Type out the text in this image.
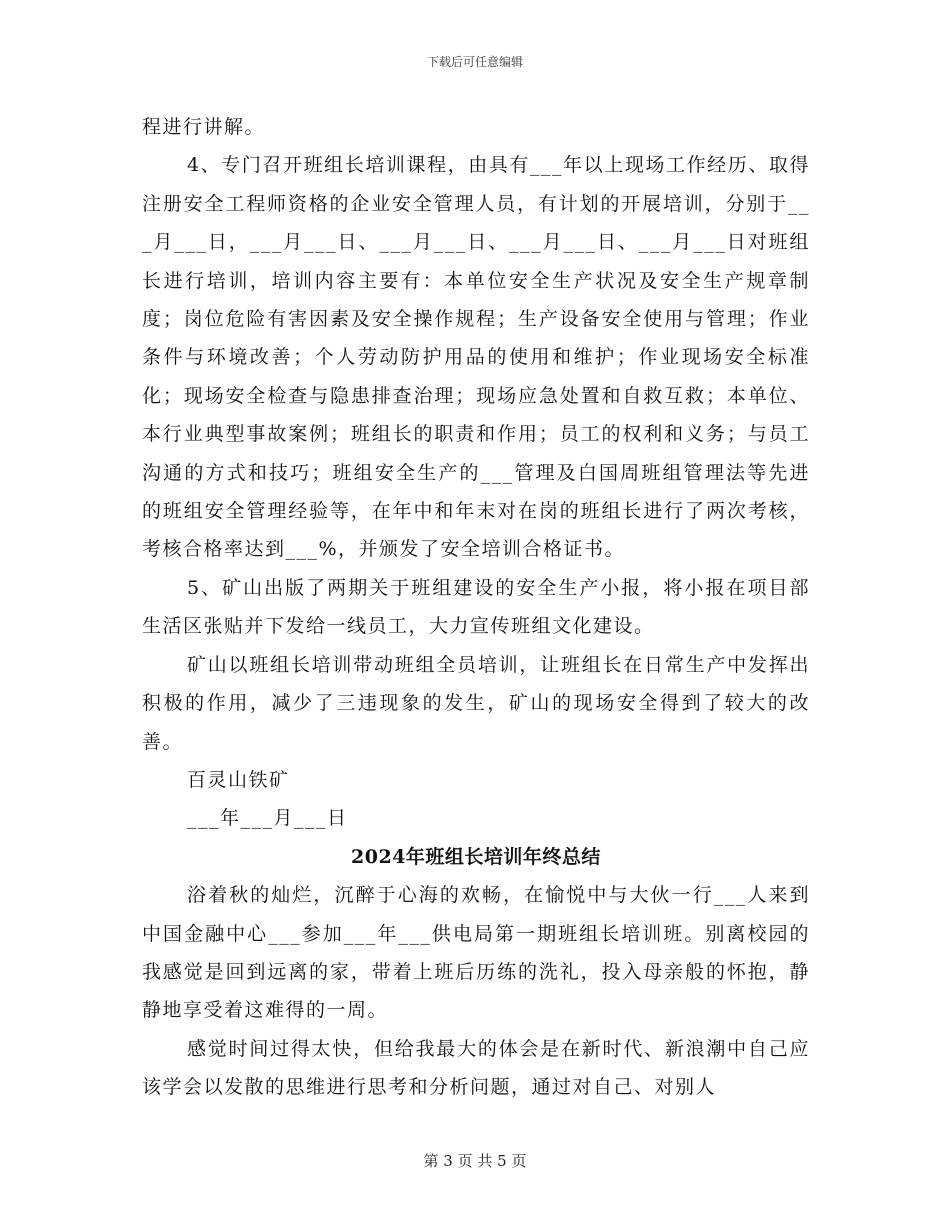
下载后可任意编辑

程进行讲解。

4、专门召开班组长培训课程，由具有___年以上现场工作经历、取得注册安全工程师资格的企业安全管理人员，有计划的开展培训，分别于___月___日，___月___日、___月___日、___月___日、___月___日对班组长进行培训，培训内容主要有：本单位安全生产状况及安全生产规章制度；岗位危险有害因素及安全操作规程；生产设备安全使用与管理；作业条件与环境改善；个人劳动防护用品的使用和维护；作业现场安全标准化；现场安全检查与隐患排查治理；现场应急处置和自救互救；本单位、本行业典型事故案例；班组长的职责和作用；员工的权利和义务；与员工沟通的方式和技巧；班组安全生产的___管理及白国周班组管理法等先进的班组安全管理经验等，在年中和年末对在岗的班组长进行了两次考核，考核合格率达到___%，并颁发了安全培训合格证书。

5、矿山出版了两期关于班组建设的安全生产小报，将小报在项目部生活区张贴并下发给一线员工，大力宣传班组文化建设。

矿山以班组长培训带动班组全员培训，让班组长在日常生产中发挥出积极的作用，减少了三违现象的发生，矿山的现场安全得到了较大的改善。

百灵山铁矿

___年___月___日

2024年班组长培训年终总结

浴着秋的灿烂，沉醉于心海的欢畅，在愉悦中与大伙一行___人来到中国金融中心___参加___年___供电局第一期班组长培训班。别离校园的我感觉是回到远离的家，带着上班后历练的洗礼，投入母亲般的怀抱，静静地享受着这难得的一周。

感觉时间过得太快，但给我最大的体会是在新时代、新浪潮中自己应该学会以发散的思维进行思考和分析问题，通过对自己、对别人

第 3 页 共 5 页
